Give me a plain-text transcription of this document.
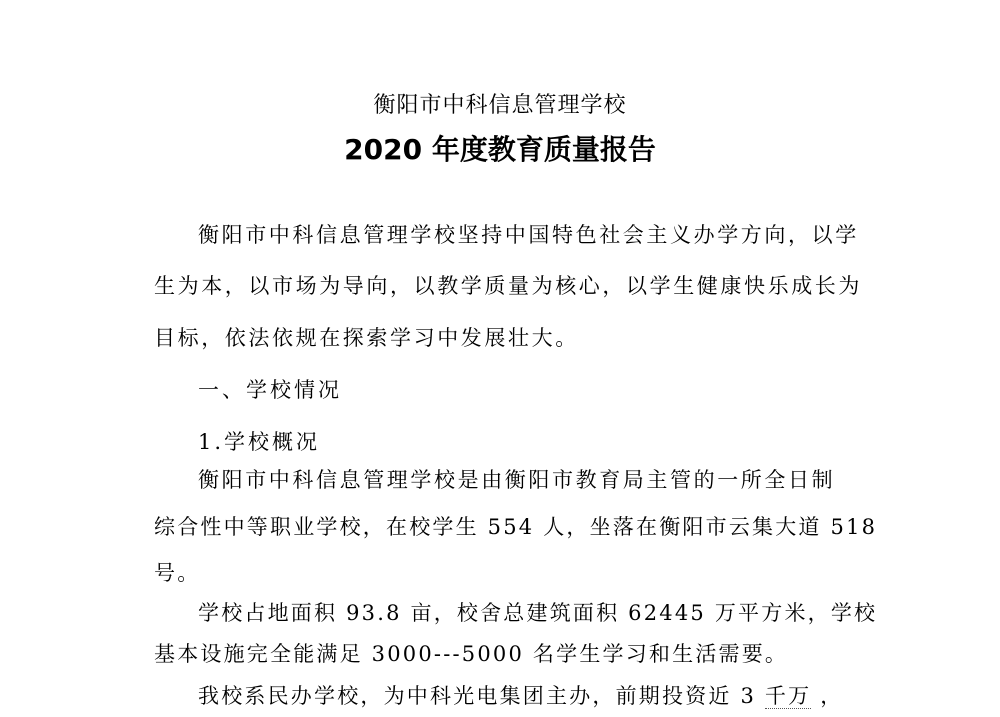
衡阳市中科信息管理学校
2020 年度教育质量报告
衡阳市中科信息管理学校坚持中国特色社会主义办学方向，以学
生为本，以市场为导向，以教学质量为核心，以学生健康快乐成长为
目标，依法依规在探索学习中发展壮大。
一、学校情况
1.学校概况
衡阳市中科信息管理学校是由衡阳市教育局主管的一所全日制
综合性中等职业学校，在校学生 554 人，坐落在衡阳市云集大道 518
号。
学校占地面积 93.8 亩，校舍总建筑面积 62445 万平方米，学校
基本设施完全能满足 3000---5000 名学生学习和生活需要。
我校系民办学校，为中科光电集团主办，前期投资近 3 千万 ，
